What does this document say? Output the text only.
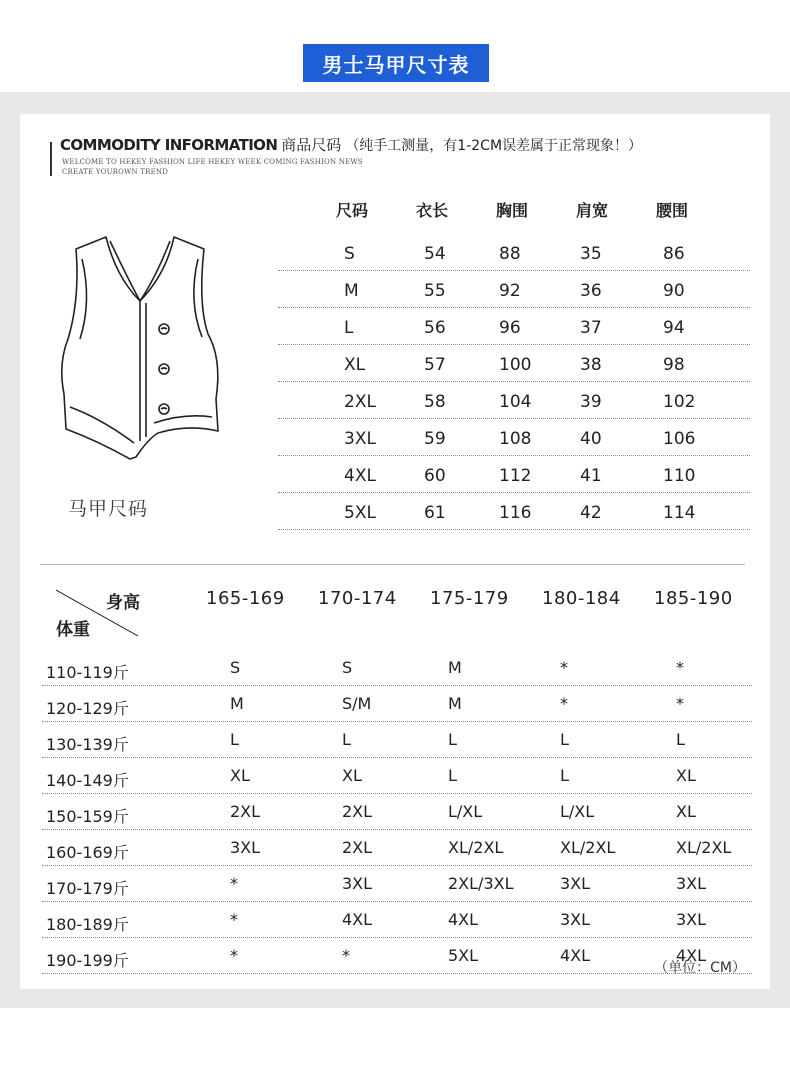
男士马甲尺寸表
COMMODITY INFORMATION 商品尺码 （纯手工测量，有1-2CM误差属于正常现象！）
WELCOME TO HEKEY FASHION LIFE HEKEY WEEK COMING FASHION NEWS
CREATE YOUROWN TREND
马甲尺码
尺码	衣长	胸围	肩宽	腰围
S	54	88	35	86
M	55	92	36	90
L	56	96	37	94
XL	57	100	38	98
2XL	58	104	39	102
3XL	59	108	40	106
4XL	60	112	41	110
5XL	61	116	42	114
身高
体重
165-169 170-174 175-179 180-184 185-190
110-119斤	S	S	M	*	*
120-129斤	M	S/M	M	*	*
130-139斤	L	L	L	L	L
140-149斤	XL	XL	L	L	XL
150-159斤	2XL	2XL	L/XL	L/XL	XL
160-169斤	3XL	2XL	XL/2XL	XL/2XL	XL/2XL
170-179斤	*	3XL	2XL/3XL	3XL	3XL
180-189斤	*	4XL	4XL	3XL	3XL
190-199斤	*	*	5XL	4XL	4XL
（单位：CM）
